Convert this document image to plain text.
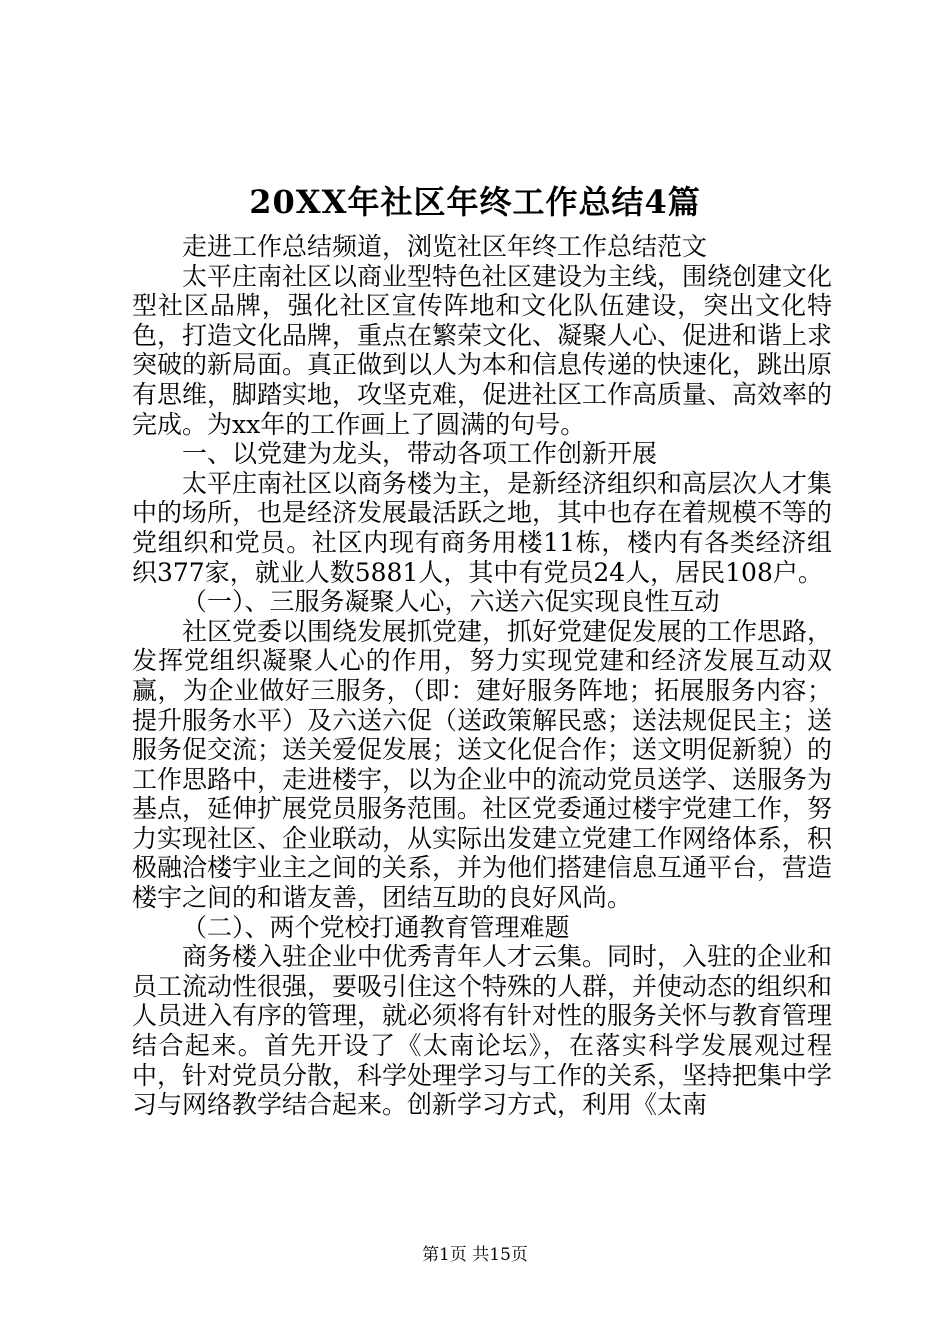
20XX年社区年终工作总结4篇

走进工作总结频道，浏览社区年终工作总结范文

太平庄南社区以商业型特色社区建设为主线，围绕创建文化型社区品牌，强化社区宣传阵地和文化队伍建设，突出文化特色，打造文化品牌，重点在繁荣文化、凝聚人心、促进和谐上求突破的新局面。真正做到以人为本和信息传递的快速化，跳出原有思维，脚踏实地，攻坚克难，促进社区工作高质量、高效率的完成。为xx年的工作画上了圆满的句号。

一、以党建为龙头，带动各项工作创新开展

太平庄南社区以商务楼为主，是新经济组织和高层次人才集中的场所，也是经济发展最活跃之地，其中也存在着规模不等的党组织和党员。社区内现有商务用楼11栋，楼内有各类经济组织377家，就业人数5881人，其中有党员24人，居民108户。

（一）、三服务凝聚人心，六送六促实现良性互动

社区党委以围绕发展抓党建，抓好党建促发展的工作思路，发挥党组织凝聚人心的作用，努力实现党建和经济发展互动双赢，为企业做好三服务，（即：建好服务阵地；拓展服务内容；提升服务水平）及六送六促（送政策解民惑；送法规促民主；送服务促交流；送关爱促发展；送文化促合作；送文明促新貌）的工作思路中，走进楼宇，以为企业中的流动党员送学、送服务为基点，延伸扩展党员服务范围。社区党委通过楼宇党建工作，努力实现社区、企业联动，从实际出发建立党建工作网络体系，积极融洽楼宇业主之间的关系，并为他们搭建信息互通平台，营造楼宇之间的和谐友善，团结互助的良好风尚。

（二）、两个党校打通教育管理难题

商务楼入驻企业中优秀青年人才云集。同时，入驻的企业和员工流动性很强，要吸引住这个特殊的人群，并使动态的组织和人员进入有序的管理，就必须将有针对性的服务关怀与教育管理结合起来。首先开设了《太南论坛》，在落实科学发展观过程中，针对党员分散，科学处理学习与工作的关系，坚持把集中学习与网络教学结合起来。创新学习方式，利用《太南

第1页 共15页
